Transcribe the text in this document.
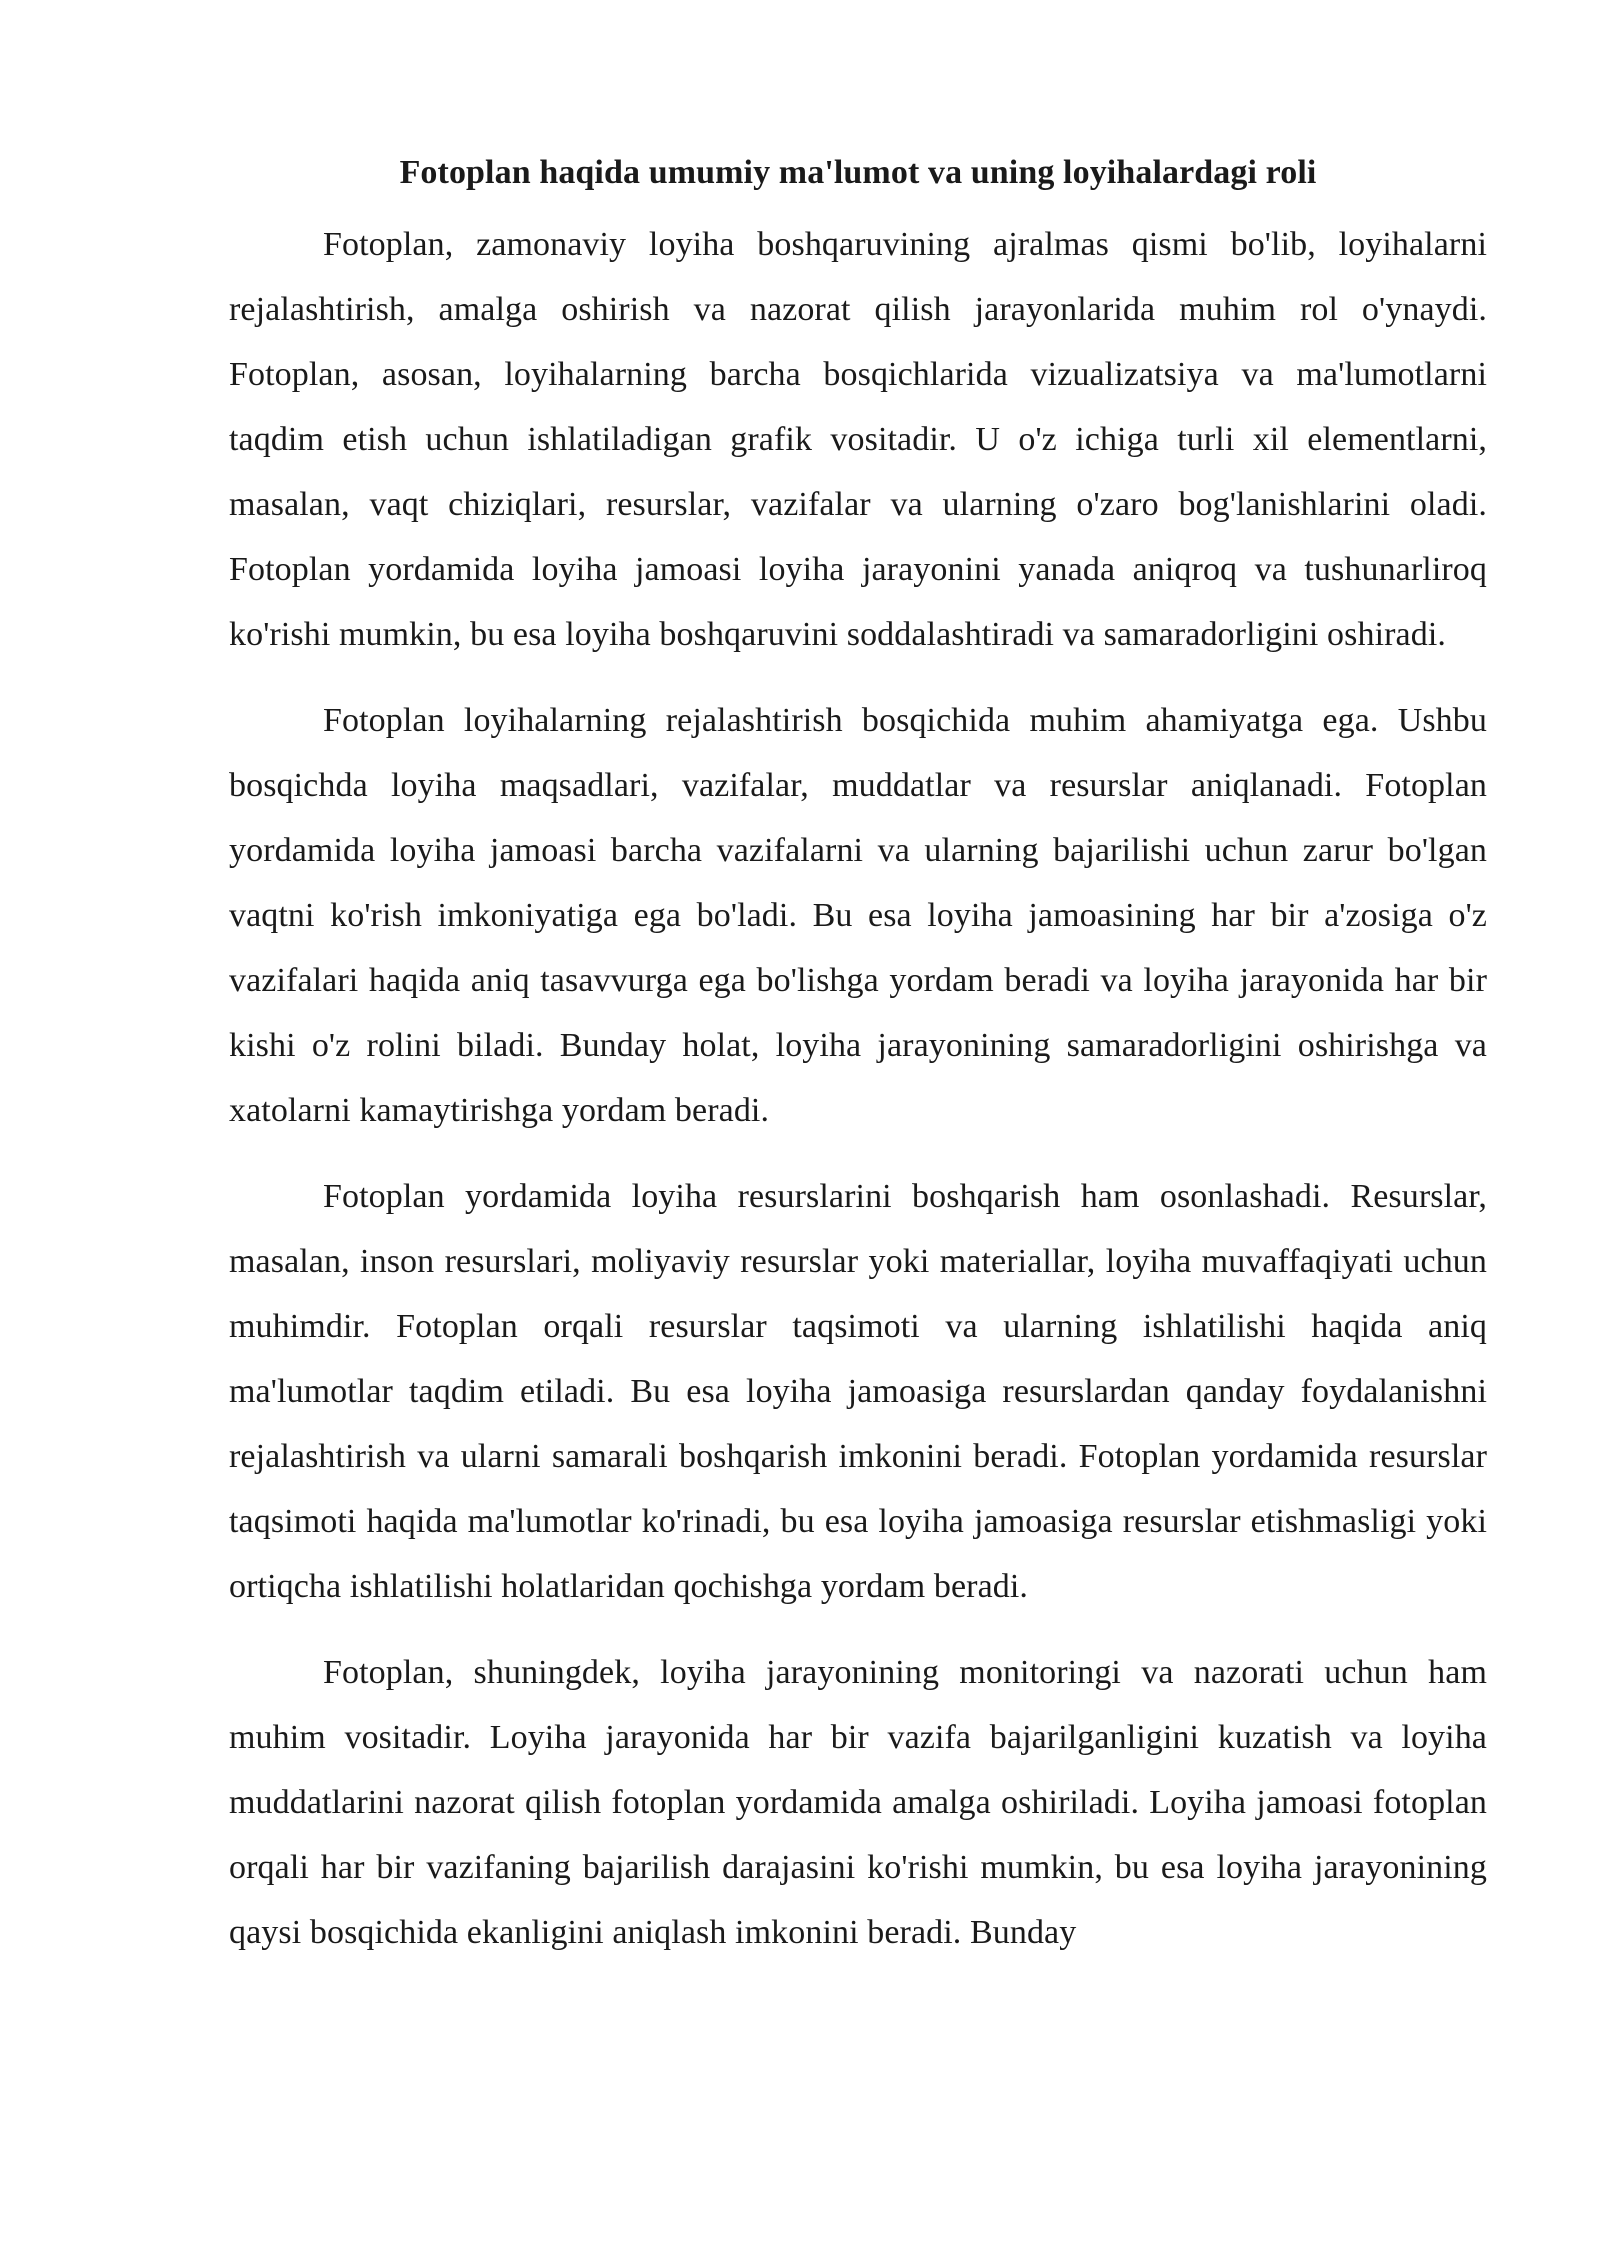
Fotoplan haqida umumiy ma'lumot va uning loyihalardagi roli

Fotoplan, zamonaviy loyiha boshqaruvining ajralmas qismi bo'lib, loyihalarni rejalashtirish, amalga oshirish va nazorat qilish jarayonlarida muhim rol o'ynaydi. Fotoplan, asosan, loyihalarning barcha bosqichlarida vizualizatsiya va ma'lumotlarni taqdim etish uchun ishlatiladigan grafik vositadir. U o'z ichiga turli xil elementlarni, masalan, vaqt chiziqlari, resurslar, vazifalar va ularning o'zaro bog'lanishlarini oladi. Fotoplan yordamida loyiha jamoasi loyiha jarayonini yanada aniqroq va tushunarliroq ko'rishi mumkin, bu esa loyiha boshqaruvini soddalashtiradi va samaradorligini oshiradi.

Fotoplan loyihalarning rejalashtirish bosqichida muhim ahamiyatga ega. Ushbu bosqichda loyiha maqsadlari, vazifalar, muddatlar va resurslar aniqlanadi. Fotoplan yordamida loyiha jamoasi barcha vazifalarni va ularning bajarilishi uchun zarur bo'lgan vaqtni ko'rish imkoniyatiga ega bo'ladi. Bu esa loyiha jamoasining har bir a'zosiga o'z vazifalari haqida aniq tasavvurga ega bo'lishga yordam beradi va loyiha jarayonida har bir kishi o'z rolini biladi. Bunday holat, loyiha jarayonining samaradorligini oshirishga va xatolarni kamaytirishga yordam beradi.

Fotoplan yordamida loyiha resurslarini boshqarish ham osonlashadi. Resurslar, masalan, inson resurslari, moliyaviy resurslar yoki materiallar, loyiha muvaffaqiyati uchun muhimdir. Fotoplan orqali resurslar taqsimoti va ularning ishlatilishi haqida aniq ma'lumotlar taqdim etiladi. Bu esa loyiha jamoasiga resurslardan qanday foydalanishni rejalashtirish va ularni samarali boshqarish imkonini beradi. Fotoplan yordamida resurslar taqsimoti haqida ma'lumotlar ko'rinadi, bu esa loyiha jamoasiga resurslar etishmasligi yoki ortiqcha ishlatilishi holatlaridan qochishga yordam beradi.

Fotoplan, shuningdek, loyiha jarayonining monitoringi va nazorati uchun ham muhim vositadir. Loyiha jarayonida har bir vazifa bajarilganligini kuzatish va loyiha muddatlarini nazorat qilish fotoplan yordamida amalga oshiriladi. Loyiha jamoasi fotoplan orqali har bir vazifaning bajarilish darajasini ko'rishi mumkin, bu esa loyiha jarayonining qaysi bosqichida ekanligini aniqlash imkonini beradi. Bunday
